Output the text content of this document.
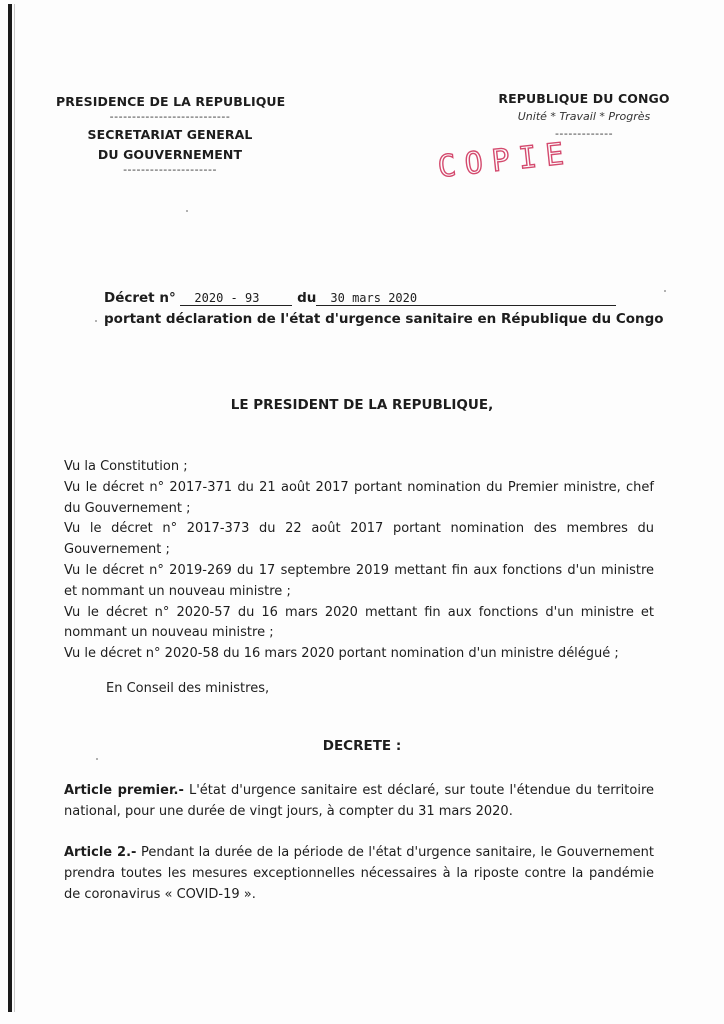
PRESIDENCE DE LA REPUBLIQUE
---------------------------
SECRETARIAT GENERAL
DU GOUVERNEMENT
---------------------
REPUBLIQUE DU CONGO
Unité * Travail * Progrès
-------------
COPIE
Décret n° 2020 - 93	du 30 mars 2020
portant déclaration de l'état d'urgence sanitaire en République du Congo
LE PRESIDENT DE LA REPUBLIQUE,

Vu la Constitution ;

Vu le décret n° 2017-371 du 21 août 2017 portant nomination du Premier ministre, chef du Gouvernement ;

Vu le décret n° 2017-373 du 22 août 2017 portant nomination des membres du Gouvernement ;

Vu le décret n° 2019-269 du 17 septembre 2019 mettant fin aux fonctions d'un ministre et nommant un nouveau ministre ;

Vu le décret n° 2020-57 du 16 mars 2020 mettant fin aux fonctions d'un ministre et nommant un nouveau ministre ;

Vu le décret n° 2020-58 du 16 mars 2020 portant nomination d'un ministre délégué ;

En Conseil des ministres,
DECRETE :

Article premier.- L'état d'urgence sanitaire est déclaré, sur toute l'étendue du territoire national, pour une durée de vingt jours, à compter du 31 mars 2020.

Article 2.- Pendant la durée de la période de l'état d'urgence sanitaire, le Gouvernement prendra toutes les mesures exceptionnelles nécessaires à la riposte contre la pandémie de coronavirus « COVID-19 ».
